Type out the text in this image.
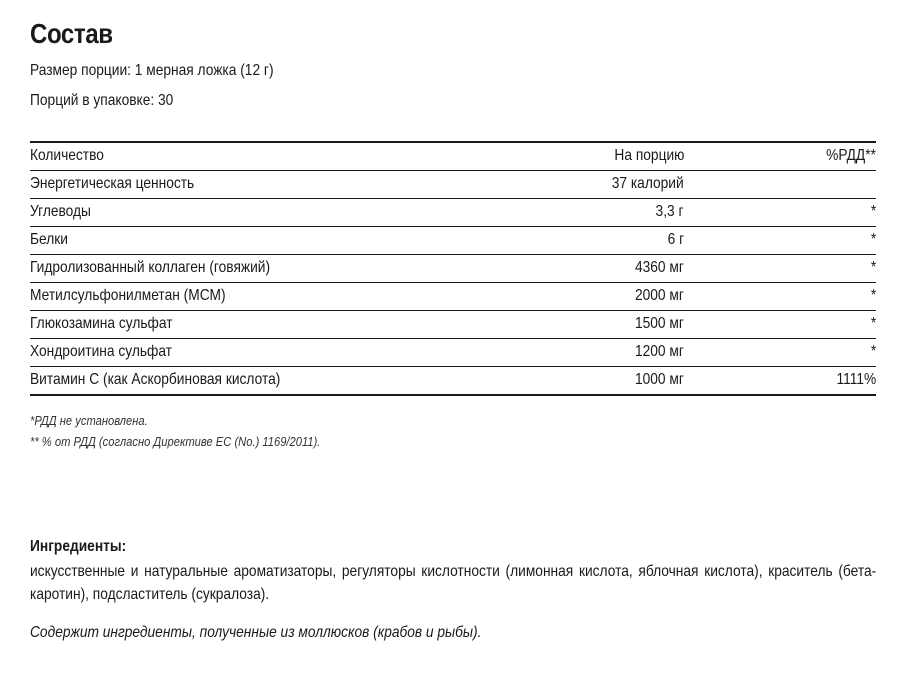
Состав
Размер порции: 1 мерная ложка (12 г)
Порций в упаковке: 30
Количество	На порцию	%РДД**
Энергетическая ценность	37 калорий
Углеводы	3,3 г	*
Белки	6 г	*
Гидролизованный коллаген (говяжий)	4360 мг	*
Метилсульфонилметан (МСМ)	2000 мг	*
Глюкозамина сульфат	1500 мг	*
Хондроитина сульфат	1200 мг	*
Витамин С (как Аскорбиновая кислота)	1000 мг	1111%
*РДД не установлена.
** % от РДД (согласно Директиве ЕС (No.) 1169/2011).
Ингредиенты:
искусственные и натуральные ароматизаторы, регуляторы кислотности (лимонная кислота, яблочная кислота), краситель (бета-каротин), подсластитель (сукралоза).
Содержит ингредиенты, полученные из моллюсков (крабов и рыбы).
